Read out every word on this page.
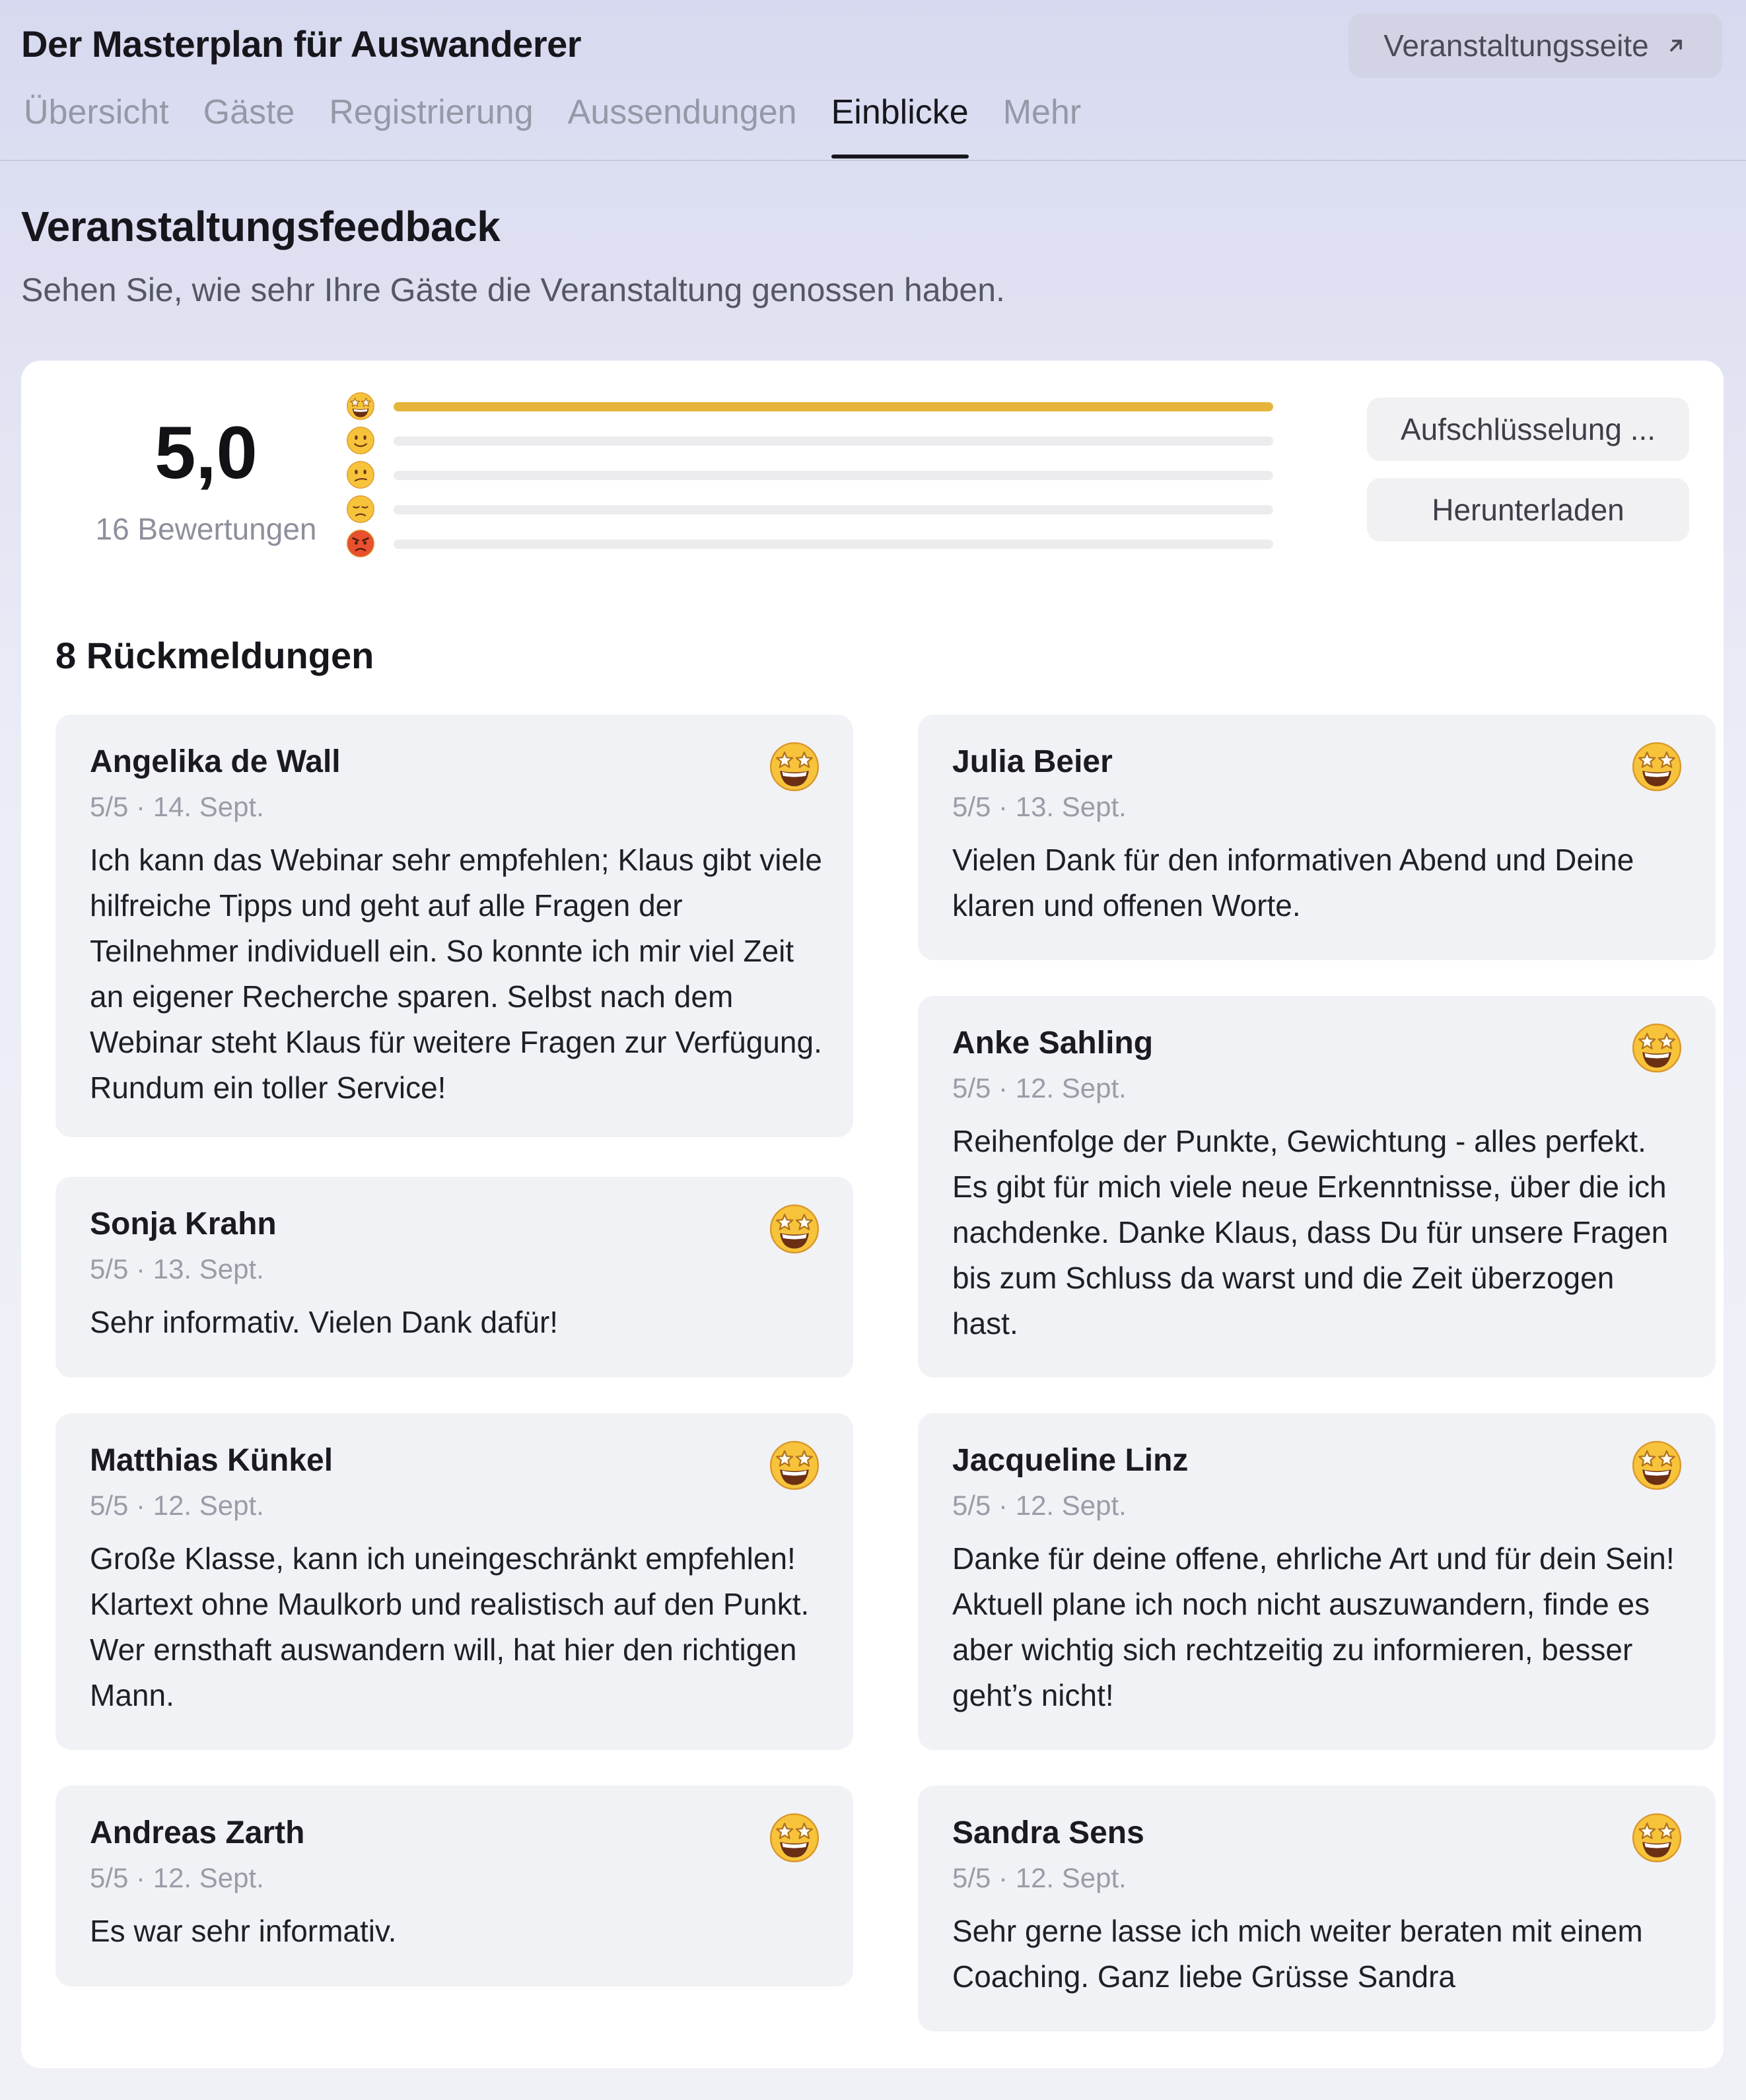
Der Masterplan für Auswanderer	Veranstaltungsseite
Übersicht Gäste Registrierung Aussendungen Einblicke Mehr
Veranstaltungsfeedback
Sehen Sie, wie sehr Ihre Gäste die Veranstaltung genossen haben.
5,0
16 Bewertungen
Aufschlüsselung ...
Herunterladen
8 Rückmeldungen
Angelika de Wall
5/5 · 14. Sept.
Ich kann das Webinar sehr empfehlen; Klaus gibt viele hilfreiche Tipps und geht auf alle Fragen der Teilnehmer individuell ein. So konnte ich mir viel Zeit an eigener Recherche sparen. Selbst nach dem Webinar steht Klaus für weitere Fragen zur Verfügung. Rundum ein toller Service!
Julia Beier
5/5 · 13. Sept.
Vielen Dank für den informativen Abend und Deine klaren und offenen Worte.
Sonja Krahn
5/5 · 13. Sept.
Sehr informativ. Vielen Dank dafür!
Anke Sahling
5/5 · 12. Sept.
Reihenfolge der Punkte, Gewichtung - alles perfekt. Es gibt für mich viele neue Erkenntnisse, über die ich nachdenke. Danke Klaus, dass Du für unsere Fragen bis zum Schluss da warst und die Zeit überzogen hast.
Matthias Künkel
5/5 · 12. Sept.
Große Klasse, kann ich uneingeschränkt empfehlen! Klartext ohne Maulkorb und realistisch auf den Punkt. Wer ernsthaft auswandern will, hat hier den richtigen Mann.
Jacqueline Linz
5/5 · 12. Sept.
Danke für deine offene, ehrliche Art und für dein Sein! Aktuell plane ich noch nicht auszuwandern, finde es aber wichtig sich rechtzeitig zu informieren, besser geht’s nicht!
Andreas Zarth
5/5 · 12. Sept.
Es war sehr informativ.
Sandra Sens
5/5 · 12. Sept.
Sehr gerne lasse ich mich weiter beraten mit einem Coaching. Ganz liebe Grüsse Sandra
